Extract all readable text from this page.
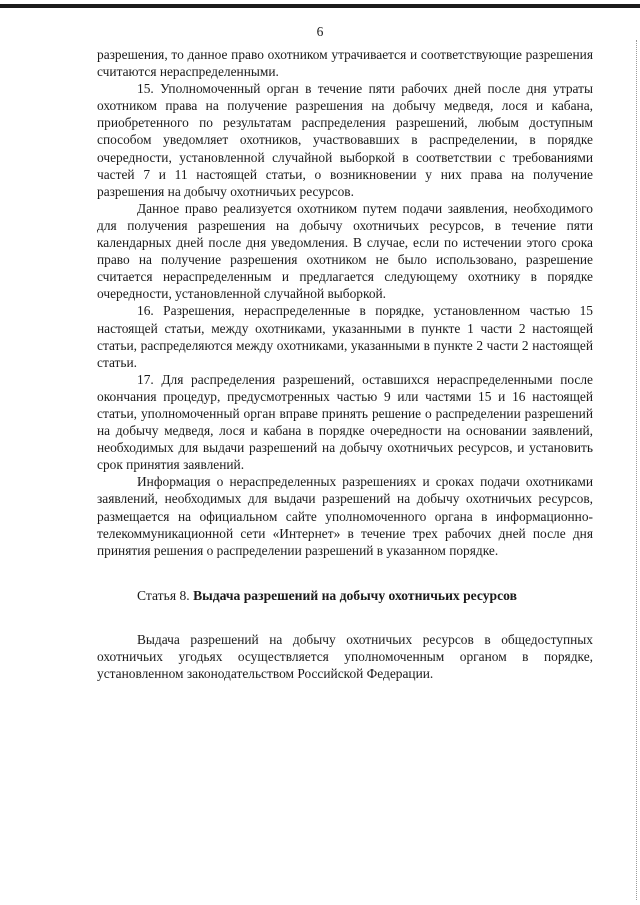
6

разрешения, то данное право охотником утрачивается и соответствующие разрешения считаются нераспределенными.

15. Уполномоченный орган в течение пяти рабочих дней после дня утраты охотником права на получение разрешения на добычу медведя, лося и кабана, приобретенного по результатам распределения разрешений, любым доступным способом уведомляет охотников, участвовавших в распределении, в порядке очередности, установленной случайной выборкой в соответствии с требованиями частей 7 и 11 настоящей статьи, о возникновении у них права на получение разрешения на добычу охотничьих ресурсов.

Данное право реализуется охотником путем подачи заявления, необходимого для получения разрешения на добычу охотничьих ресурсов, в течение пяти календарных дней после дня уведомления. В случае, если по истечении этого срока право на получение разрешения охотником не было использовано, разрешение считается нераспределенным и предлагается следующему охотнику в порядке очередности, установленной случайной выборкой.

16. Разрешения, нераспределенные в порядке, установленном частью 15 настоящей статьи, между охотниками, указанными в пункте 1 части 2 настоящей статьи, распределяются между охотниками, указанными в пункте 2 части 2 настоящей статьи.

17. Для распределения разрешений, оставшихся нераспределенными после окончания процедур, предусмотренных частью 9 или частями 15 и 16 настоящей статьи, уполномоченный орган вправе принять решение о распределении разрешений на добычу медведя, лося и кабана в порядке очередности на основании заявлений, необходимых для выдачи разрешений на добычу охотничьих ресурсов, и установить срок принятия заявлений.

Информация о нераспределенных разрешениях и сроках подачи охотниками заявлений, необходимых для выдачи разрешений на добычу охотничьих ресурсов, размещается на официальном сайте уполномоченного органа в информационно-телекоммуникационной сети «Интернет» в течение трех рабочих дней после дня принятия решения о распределении разрешений в указанном порядке.

Статья 8. Выдача разрешений на добычу охотничьих ресурсов

Выдача разрешений на добычу охотничьих ресурсов в общедоступных охотничьих угодьях осуществляется уполномоченным органом в порядке, установленном законодательством Российской Федерации.
